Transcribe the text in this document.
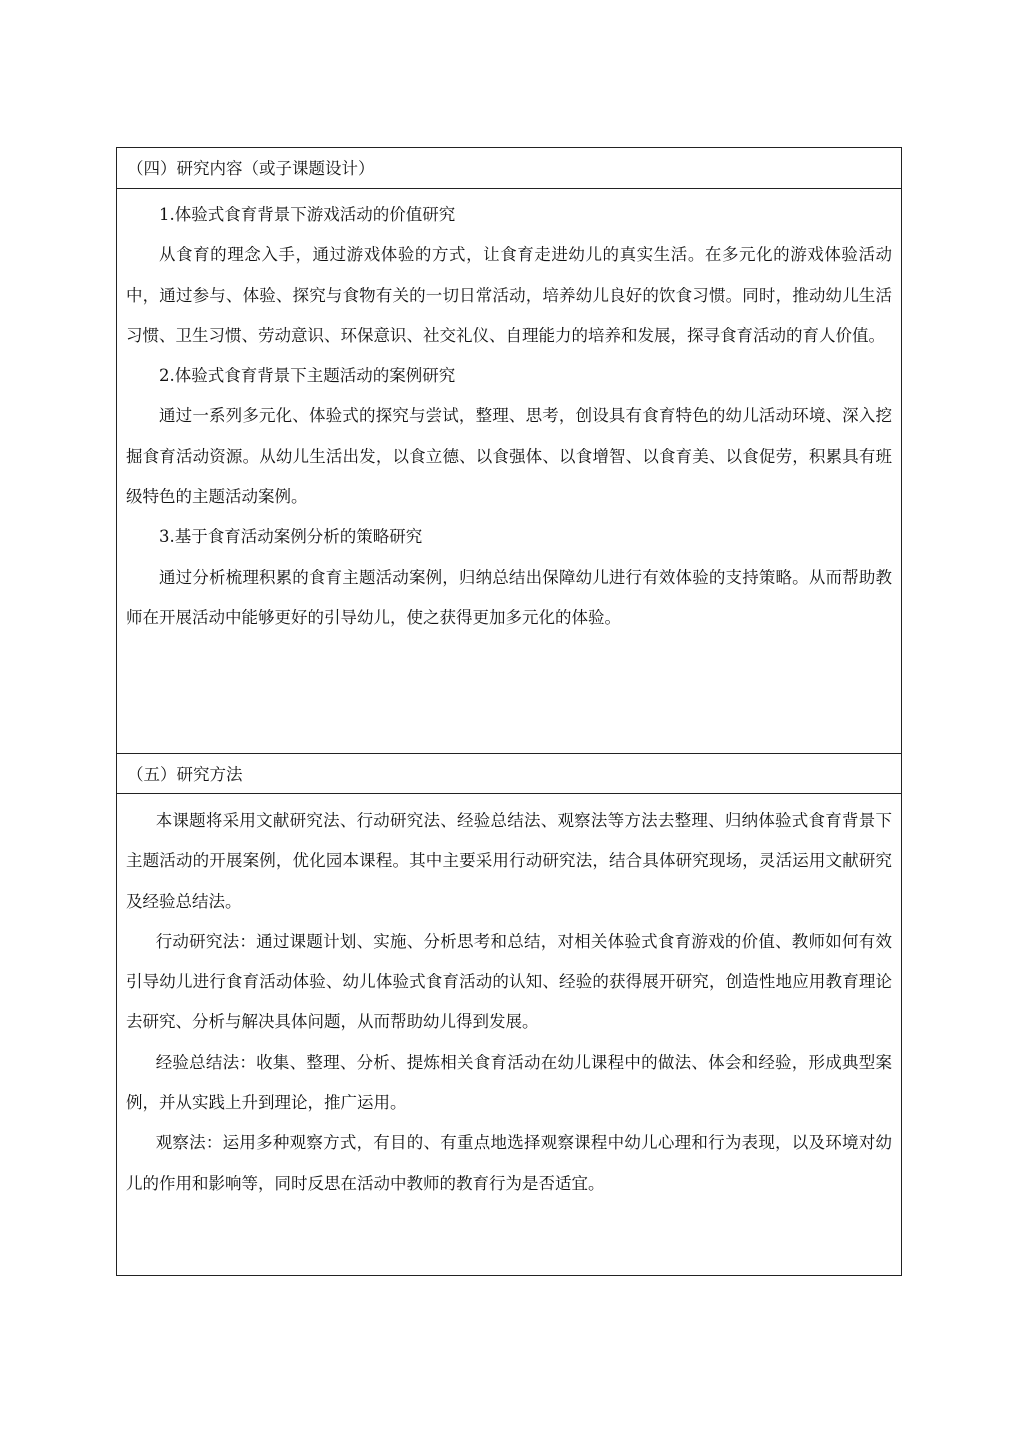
（四）研究内容（或子课题设计）

1.体验式食育背景下游戏活动的价值研究

从食育的理念入手，通过游戏体验的方式，让食育走进幼儿的真实生活。在多元化的游戏体验活动中，通过参与、体验、探究与食物有关的一切日常活动，培养幼儿良好的饮食习惯。同时，推动幼儿生活习惯、卫生习惯、劳动意识、环保意识、社交礼仪、自理能力的培养和发展，探寻食育活动的育人价值。

2.体验式食育背景下主题活动的案例研究

通过一系列多元化、体验式的探究与尝试，整理、思考，创设具有食育特色的幼儿活动环境、深入挖掘食育活动资源。从幼儿生活出发，以食立德、以食强体、以食增智、以食育美、以食促劳，积累具有班级特色的主题活动案例。

3.基于食育活动案例分析的策略研究

通过分析梳理积累的食育主题活动案例，归纳总结出保障幼儿进行有效体验的支持策略。从而帮助教师在开展活动中能够更好的引导幼儿，使之获得更加多元化的体验。

（五）研究方法

本课题将采用文献研究法、行动研究法、经验总结法、观察法等方法去整理、归纳体验式食育背景下主题活动的开展案例，优化园本课程。其中主要采用行动研究法，结合具体研究现场，灵活运用文献研究及经验总结法。

行动研究法：通过课题计划、实施、分析思考和总结，对相关体验式食育游戏的价值、教师如何有效引导幼儿进行食育活动体验、幼儿体验式食育活动的认知、经验的获得展开研究，创造性地应用教育理论去研究、分析与解决具体问题，从而帮助幼儿得到发展。

经验总结法：收集、整理、分析、提炼相关食育活动在幼儿课程中的做法、体会和经验，形成典型案例，并从实践上升到理论，推广运用。

观察法：运用多种观察方式，有目的、有重点地选择观察课程中幼儿心理和行为表现，以及环境对幼儿的作用和影响等，同时反思在活动中教师的教育行为是否适宜。
